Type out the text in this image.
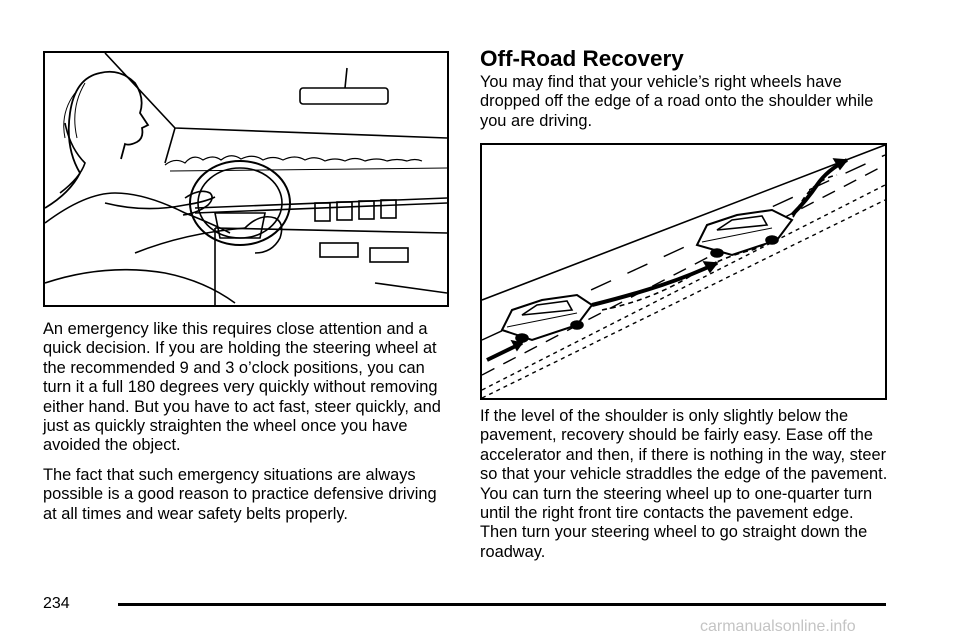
An emergency like this requires close attention and a quick decision. If you are holding the steering wheel at the recommended 9 and 3 o’clock positions, you can turn it a full 180 degrees very quickly without removing either hand. But you have to act fast, steer quickly, and just as quickly straighten the wheel once you have avoided the object.

The fact that such emergency situations are always possible is a good reason to practice defensive driving at all times and wear safety belts properly.

Off-Road Recovery

You may find that your vehicle’s right wheels have dropped off the edge of a road onto the shoulder while you are driving.

If the level of the shoulder is only slightly below the pavement, recovery should be fairly easy. Ease off the accelerator and then, if there is nothing in the way, steer so that your vehicle straddles the edge of the pavement. You can turn the steering wheel up to one-quarter turn until the right front tire contacts the pavement edge. Then turn your steering wheel to go straight down the roadway.

234
carmanualsonline.info
